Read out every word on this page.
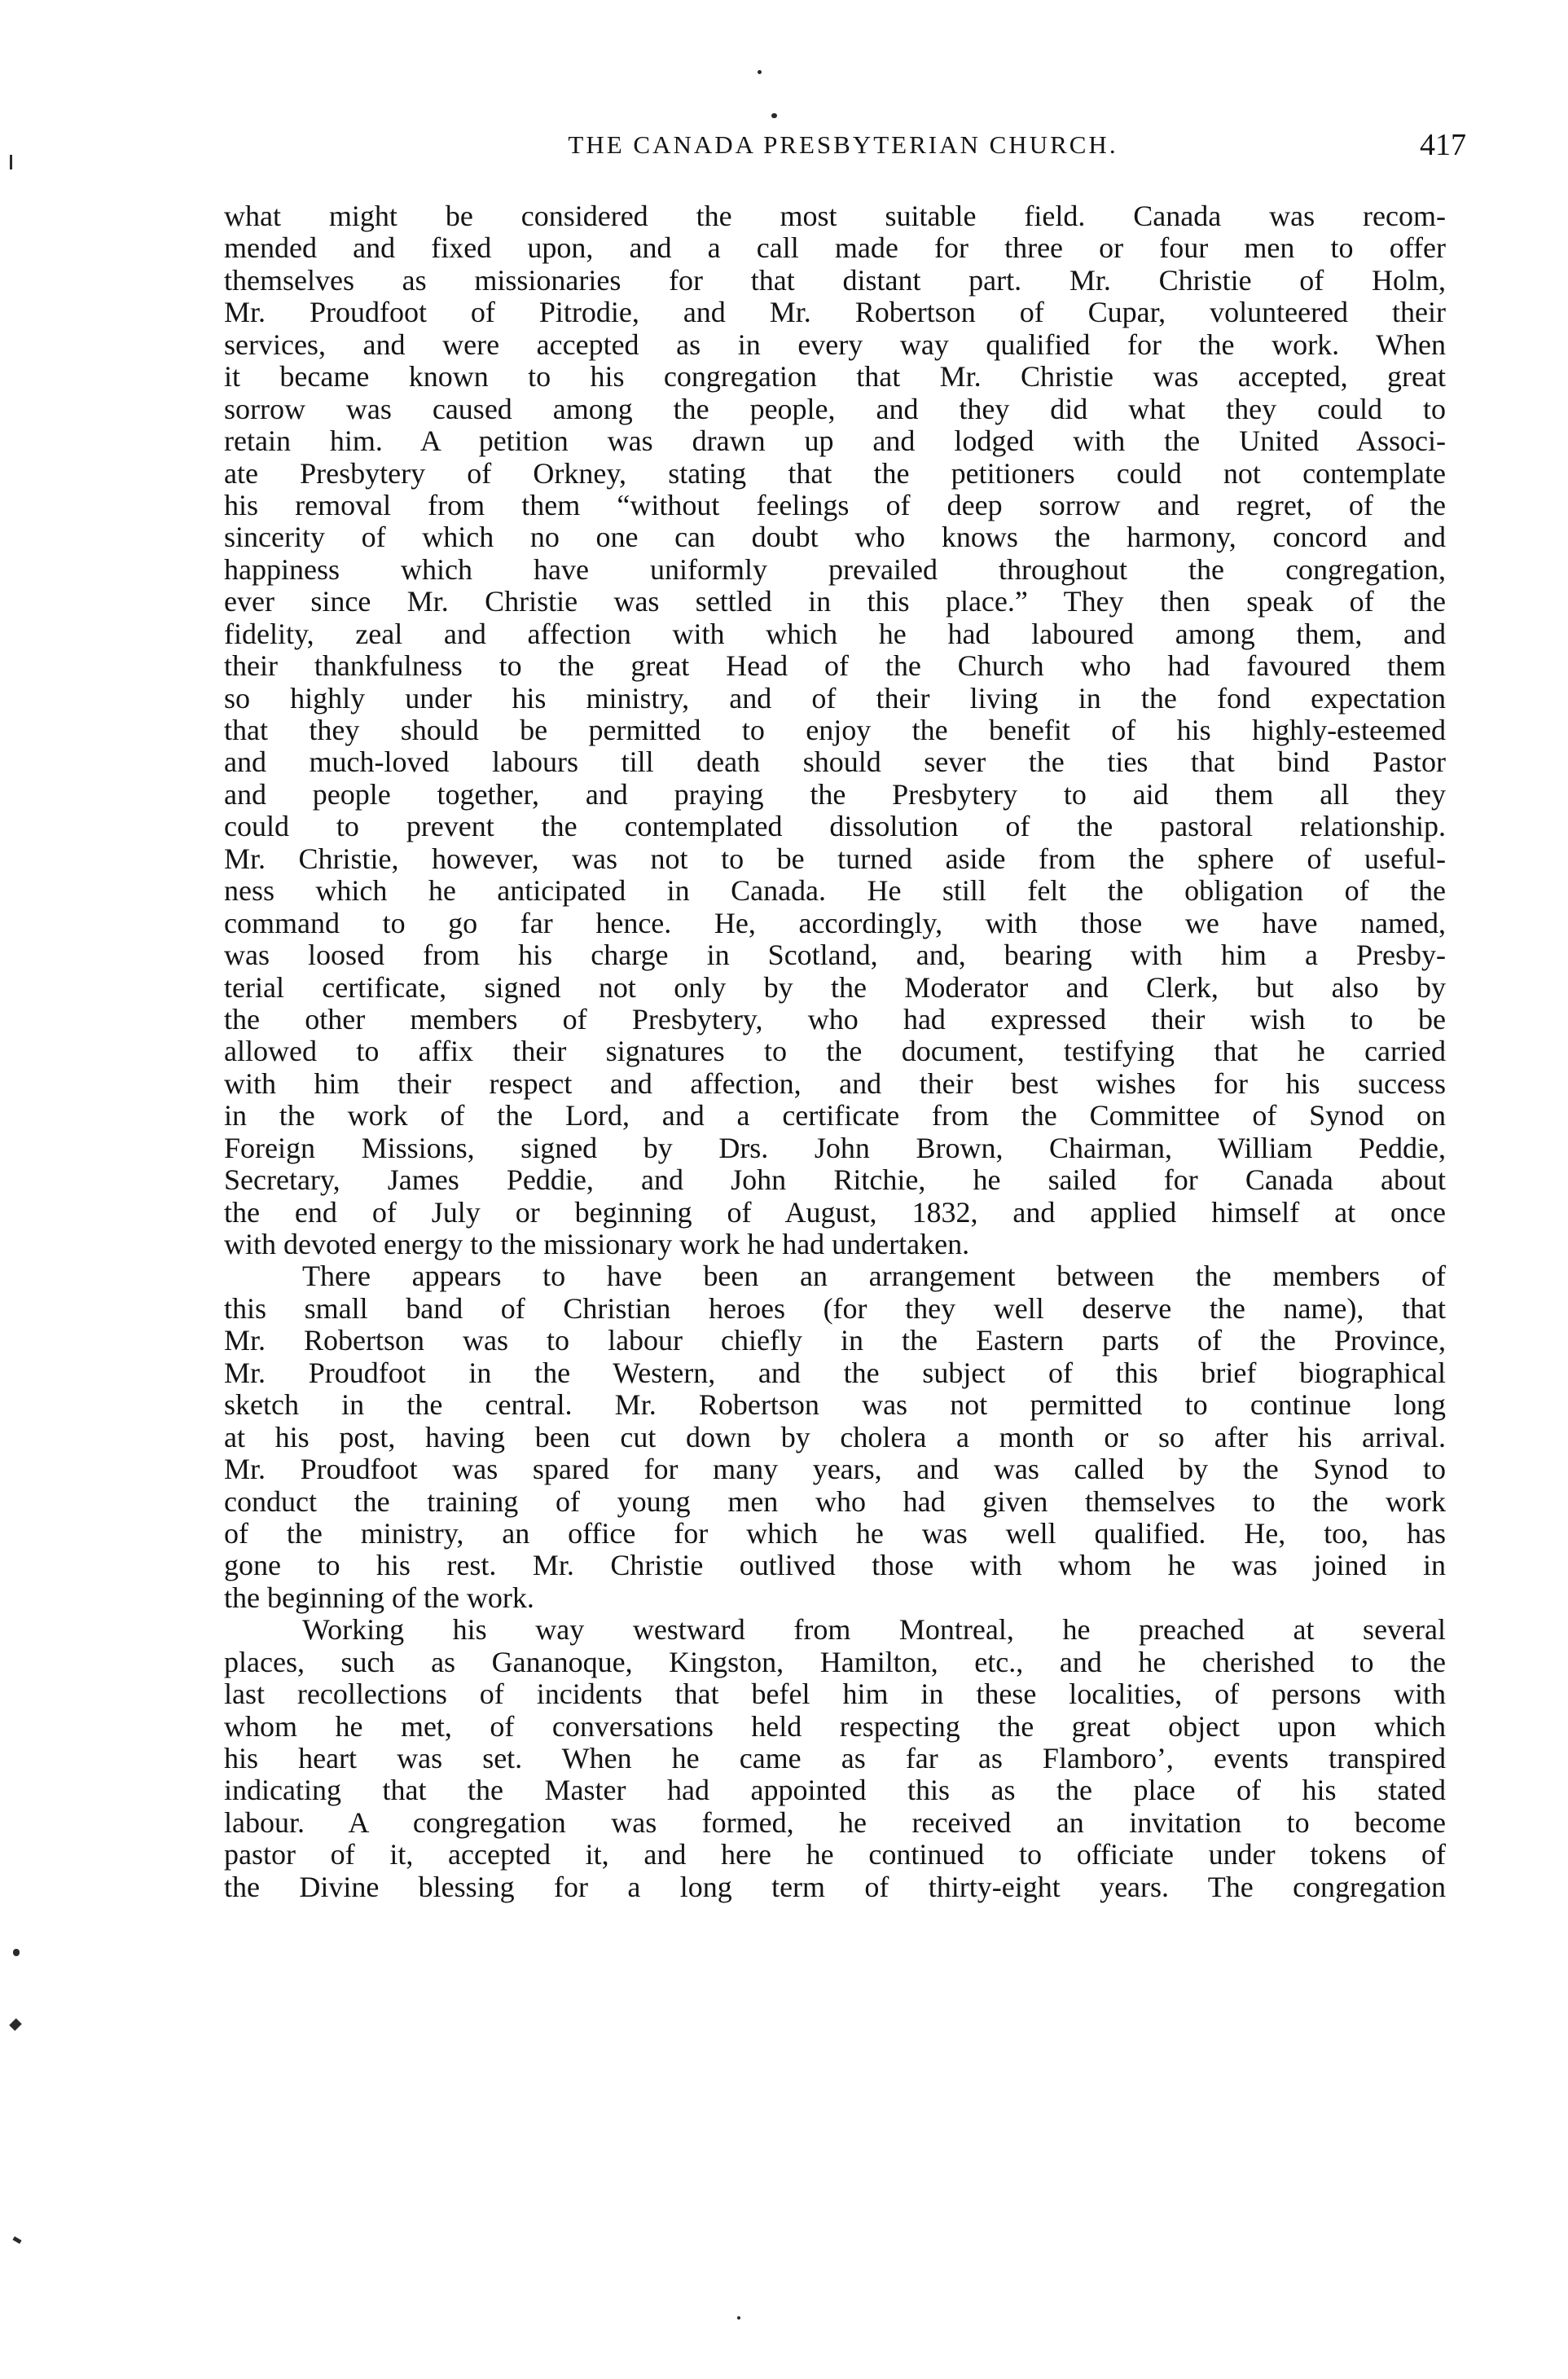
THE CANADA PRESBYTERIAN CHURCH.	417
what might be considered the most suitable field. Canada was recom-
mended and fixed upon, and a call made for three or four men to offer
themselves as missionaries for that distant part. Mr. Christie of Holm,
Mr. Proudfoot of Pitrodie, and Mr. Robertson of Cupar, volunteered their
services, and were accepted as in every way qualified for the work. When
it became known to his congregation that Mr. Christie was accepted, great
sorrow was caused among the people, and they did what they could to
retain him. A petition was drawn up and lodged with the United Associ-
ate Presbytery of Orkney, stating that the petitioners could not contemplate
his removal from them “without feelings of deep sorrow and regret, of the
sincerity of which no one can doubt who knows the harmony, concord and
happiness which have uniformly prevailed throughout the congregation,
ever since Mr. Christie was settled in this place.” They then speak of the
fidelity, zeal and affection with which he had laboured among them, and
their thankfulness to the great Head of the Church who had favoured them
so highly under his ministry, and of their living in the fond expectation
that they should be permitted to enjoy the benefit of his highly-esteemed
and much-loved labours till death should sever the ties that bind Pastor
and people together, and praying the Presbytery to aid them all they
could to prevent the contemplated dissolution of the pastoral relationship.
Mr. Christie, however, was not to be turned aside from the sphere of useful-
ness which he anticipated in Canada. He still felt the obligation of the
command to go far hence. He, accordingly, with those we have named,
was loosed from his charge in Scotland, and, bearing with him a Presby-
terial certificate, signed not only by the Moderator and Clerk, but also by
the other members of Presbytery, who had expressed their wish to be
allowed to affix their signatures to the document, testifying that he carried
with him their respect and affection, and their best wishes for his success
in the work of the Lord, and a certificate from the Committee of Synod on
Foreign Missions, signed by Drs. John Brown, Chairman, William Peddie,
Secretary, James Peddie, and John Ritchie, he sailed for Canada about
the end of July or beginning of August, 1832, and applied himself at once
with devoted energy to the missionary work he had undertaken.
There appears to have been an arrangement between the members of
this small band of Christian heroes (for they well deserve the name), that
Mr. Robertson was to labour chiefly in the Eastern parts of the Province,
Mr. Proudfoot in the Western, and the subject of this brief biographical
sketch in the central. Mr. Robertson was not permitted to continue long
at his post, having been cut down by cholera a month or so after his arrival.
Mr. Proudfoot was spared for many years, and was called by the Synod to
conduct the training of young men who had given themselves to the work
of the ministry, an office for which he was well qualified. He, too, has
gone to his rest. Mr. Christie outlived those with whom he was joined in
the beginning of the work.
Working his way westward from Montreal, he preached at several
places, such as Gananoque, Kingston, Hamilton, etc., and he cherished to the
last recollections of incidents that befel him in these localities, of persons with
whom he met, of conversations held respecting the great object upon which
his heart was set. When he came as far as Flamboro’, events transpired
indicating that the Master had appointed this as the place of his stated
labour. A congregation was formed, he received an invitation to become
pastor of it, accepted it, and here he continued to officiate under tokens of
the Divine blessing for a long term of thirty-eight years. The congregation
